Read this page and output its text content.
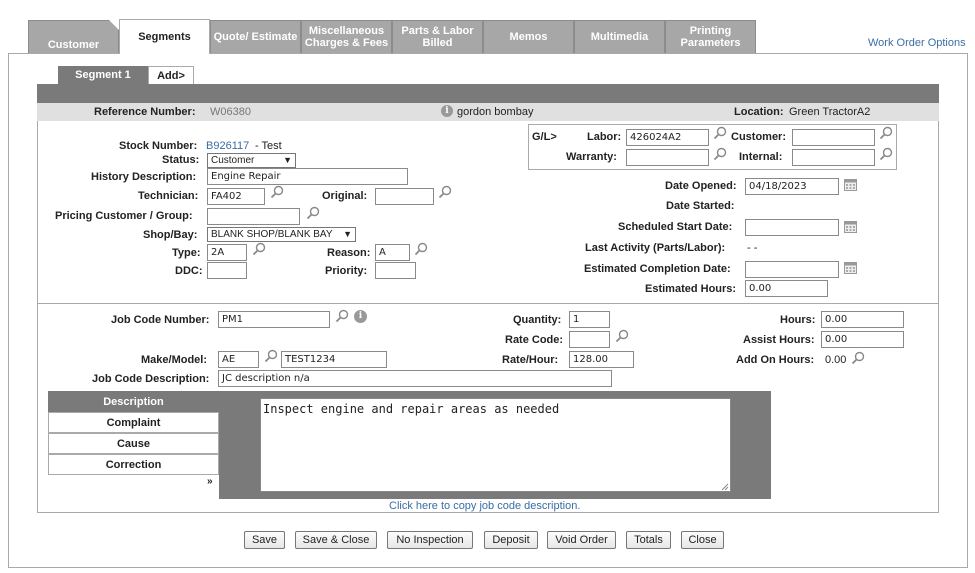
Customer
Segments	Quote/ Estimate	Miscellaneous Charges & Fees
Parts & Labor Billed	Memos	Multimedia	Printing Parameters	Work Order Options
Segment 1	Add>
Reference Number: W06380	i gordon bombay	Location: Green TractorA2
Stock Number: B926117 - Test
Status:	Customer	▼
History Description:	Engine Repair
Technician:	FA402	Original:
Pricing Customer / Group:
Shop/Bay:	BLANK SHOP/BLANK BAY ▼
Type:	2A	Reason: A
DDC:	Priority:
G/L>	Labor: 426024A2	Customer:
Warranty:	Internal:
Date Opened:	04/18/2023
Date Started:
Scheduled Start Date:
Last Activity (Parts/Labor): - -
Estimated Completion Date:
Estimated Hours:	0.00
Job Code Number:	PM1	i	Quantity:	1	Hours: 0.00
Rate Code:	Assist Hours:	0.00
Make/Model:	AE	TEST1234	Rate/Hour:	128.00	Add On Hours: 0.00
Job Code Description:	JC description n/a
Description
Complaint
Cause
Correction
»
Inspect engine and repair areas as needed
Click here to copy job code description.
Save	Save & Close	No Inspection	Deposit	Void Order	Totals	Close
